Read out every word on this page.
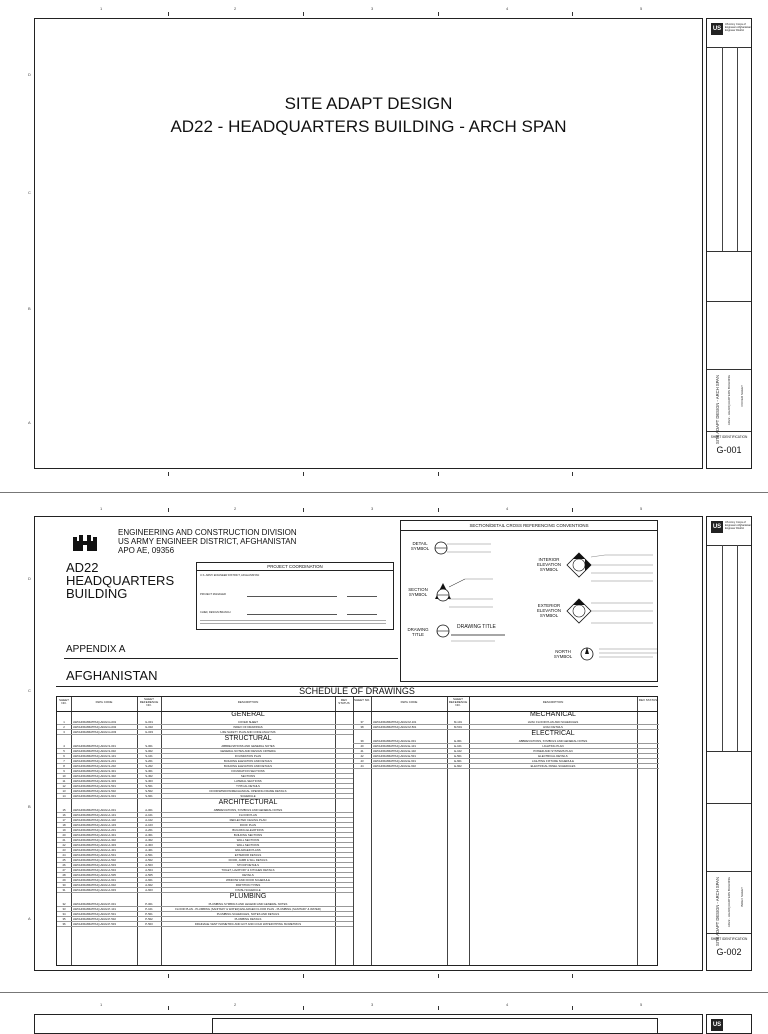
1	2	3	4	5
D
C
B
A
SITE ADAPT DESIGN
AD22 - HEADQUARTERS BUILDING - ARCH SPAN
US
US Army Corps of Engineers Afghanistan Engineer District
SITE ADAPT DESIGN - ARCH SPAN AD22 - HEADQUARTERS BUILDING	COVER SHEET
SHEET IDENTIFICATION
G-001
1	2	3	4	5
D
C
B
A
ENGINEERING AND CONSTRUCTION DIVISION
US ARMY ENGINEER DISTRICT, AFGHANISTAN
APO AE, 09356
AD22
HEADQUARTERS
BUILDING
PROJECT COORDINATION
U.S. ARMY ENGINEER DISTRICT, AFGHANISTAN
PROJECT MANAGER
CHIEF, DESIGN BRANCH
APPENDIX A
AFGHANISTAN
SECTION/DETAIL CROSS REFERENCING CONVENTIONS
DETAIL SYMBOL
SECTION SYMBOL
DRAWING TITLE
DRAWING TITLE
INTERIOR ELEVATION SYMBOL
EXTERIOR ELEVATION SYMBOL
NORTH SYMBOL
SCHEDULE OF DRAWINGS
SHEET NO.	DWG CODE
SHEET REFERENCE NO.
DESCRIPTION	REV STATUS
SHEET NO.	DWG CODE
SHEET REFERENCE NO.
DESCRIPTION	REV STATUS
GENERAL
1	AWCHFRA86ATPHQ-AD22-G-001	G-001	COVER SHEET
2	AWCHFRA86ATPHQ-AD22-G-002	G-002	INDEX OF DRAWINGS
3	AWCHFRA86ATPHQ-AD22-G-003	G-003	LIFE SAFETY PLAN AND CODE ANALYSIS
STRUCTURAL
4	AWCHFRA86ATPHQ-AD22-S-001	S-001	ABBREVIATIONS AND GENERAL NOTES
5	AWCHFRA86ATPHQ-AD22-S-002	S-002	GENERAL NOTES AND DESIGN CRITERIA
6	AWCHFRA86ATPHQ-AD22-S-101	S-101	FOUNDATION PLAN
7	AWCHFRA86ATPHQ-AD22-S-201	S-201	BUILDING ELEVATION AND DETAILS
8	AWCHFRA86ATPHQ-AD22-S-202	S-202	BUILDING ELEVATION AND DETAILS
9	AWCHFRA86ATPHQ-AD22-S-301	S-301	FOUNDATION SECTIONS
10	AWCHFRA86ATPHQ-AD22-S-302	S-302	SECTIONS
11	AWCHFRA86ATPHQ-AD22-S-303	S-303	LATERAL SECTIONS
12	AWCHFRA86ATPHQ-AD22-S-501	S-501	TYPICAL DETAILS
13	AWCHFRA86ATPHQ-AD22-S-502	S-502	DOOR/WINDOW/MECHANICAL OPENING FRAME DETAILS
14	AWCHFRA86ATPHQ-AD22-S-601	S-601	SCHEDULE
ARCHITECTURAL
15	AWCHFRA86ATPHQ-AD22-A-001	A-001	ABBREVIATIONS, SYMBOLS AND GENERAL NOTES
16	AWCHFRA86ATPHQ-AD22-A-101	A-101	FLOOR PLAN
17	AWCHFRA86ATPHQ-AD22-A-102	A-102	REFLECTED CEILING PLAN
18	AWCHFRA86ATPHQ-AD22-A-103	A-103	ROOF PLAN
19	AWCHFRA86ATPHQ-AD22-A-201	A-201	BUILDING ELEVATIONS
20	AWCHFRA86ATPHQ-AD22-A-301	A-301	BUILDING SECTIONS
21	AWCHFRA86ATPHQ-AD22-A-302	A-302	WALL SECTIONS
22	AWCHFRA86ATPHQ-AD22-A-303	A-303	WALL SECTIONS
23	AWCHFRA86ATPHQ-AD22-A-401	A-401	ENLARGED PLANS
24	AWCHFRA86ATPHQ-AD22-A-501	A-501	EXTERIOR DETAILS
25	AWCHFRA86ATPHQ-AD22-A-502	A-502	DOOR, JAMB & SILL DETAILS
26	AWCHFRA86ATPHQ-AD22-A-503	A-503	STOOP DETAILS
27	AWCHFRA86ATPHQ-AD22-A-504	A-504	TOILET, LAVATORY & KITCHEN DETAILS
28	AWCHFRA86ATPHQ-AD22-A-505	A-505	DETAILS
29	AWCHFRA86ATPHQ-AD22-A-601	A-601	WINDOW AND DOOR SCHEDULE
30	AWCHFRA86ATPHQ-AD22-A-602	A-602	PARTITION TYPES
31	AWCHFRA86ATPHQ-AD22-A-603	A-603	FINISH SCHEDULE
PLUMBING
32	AWCHFRA86ATPHQ-AD22-P-001	P-001	PLUMBING SYMBOLS AND LEGEND AND GENERAL NOTES
33	AWCHFRA86ATPHQ-AD22-P-101	P-101	FLOOR PLAN - PLUMBING (SANITARY & WATER) ENLARGED FLOOR PLAN - PLUMBING (SANITARY & WATER)
34	AWCHFRA86ATPHQ-AD22-P-501	P-501	PLUMBING SCHEDULES, NOTES AND DETAILS
35	AWCHFRA86ATPHQ-AD22-P-502	P-502	PLUMBING DETAILS
36	AWCHFRA86ATPHQ-AD22-P-503	P-503	DRAINAGE VENT ISOMETRIC AND HOT AND COLD WATER PIPING ISOMETRICS
MECHANICAL
37	AWCHFRA86ATPHQ-AD22-M-101	M-101	HVAC FLOOR PLAN AND SCHEDULES
38	AWCHFRA86ATPHQ-AD22-M-501	M-501	HVAC DETAILS
ELECTRICAL
39	AWCHFRA86ATPHQ-AD22-E-001	E-001	ABBREVIATIONS, SYMBOLS AND GENERAL NOTES
40	AWCHFRA86ATPHQ-AD22-E-101	E-101	LIGHTING PLAN
41	AWCHFRA86ATPHQ-AD22-E-102	E-102	POWER AND SYSTEMS PLAN
42	AWCHFRA86ATPHQ-AD22-E-501	E-501	ELECTRICAL DETAILS
43	AWCHFRA86ATPHQ-AD22-E-601	E-601	LIGHTING FIXTURE SCHEDULE
44	AWCHFRA86ATPHQ-AD22-E-602	E-602	ELECTRICAL PANEL SCHEDULES
US
US Army Corps of Engineers Afghanistan Engineer District
SITE ADAPT DESIGN - ARCH SPAN AD22 - HEADQUARTERS BUILDING	INDEX SHEET
SHEET IDENTIFICATION
G-002
1	2	3	4	5
US
